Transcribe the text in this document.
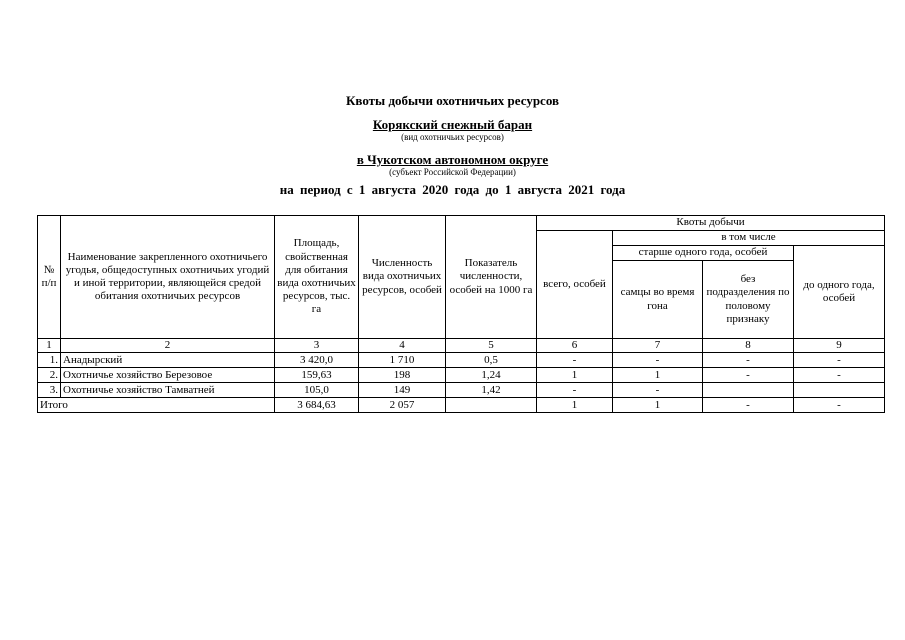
Квоты добычи охотничьих ресурсов
Корякский снежный баран
(вид охотничьих ресурсов)
в Чукотском автономном округе
(субъект Российской Федерации)
на период с 1 августа 2020 года до 1 августа 2021 года
№ п/п	Наименование закрепленного охотничьего угодья, общедоступных охотничьих угодий и иной территории, являющейся средой обитания охотничьих ресурсов	Площадь, свойственная для обитания вида охотничьих ресурсов, тыс. га	Численность вида охотничьих ресурсов, особей	Показатель численности, особей на 1000 га	Квоты добычи			
					всего, особей	в том числе		
						старше одного года, особей		до одного года, особей
						самцы во время гона	без подразделения по половому признаку	
1	2	3	4	5	6	7	8	9
1.	Анадырский	3 420,0	1 710	0,5	-	-	-	-
2.	Охотничье хозяйство Березовое	159,63	198	1,24	1	1	-	-
3.	Охотничье хозяйство Тамватней	105,0	149	1,42	-	-		
Итого		3 684,63	2 057		1	1	-	-
